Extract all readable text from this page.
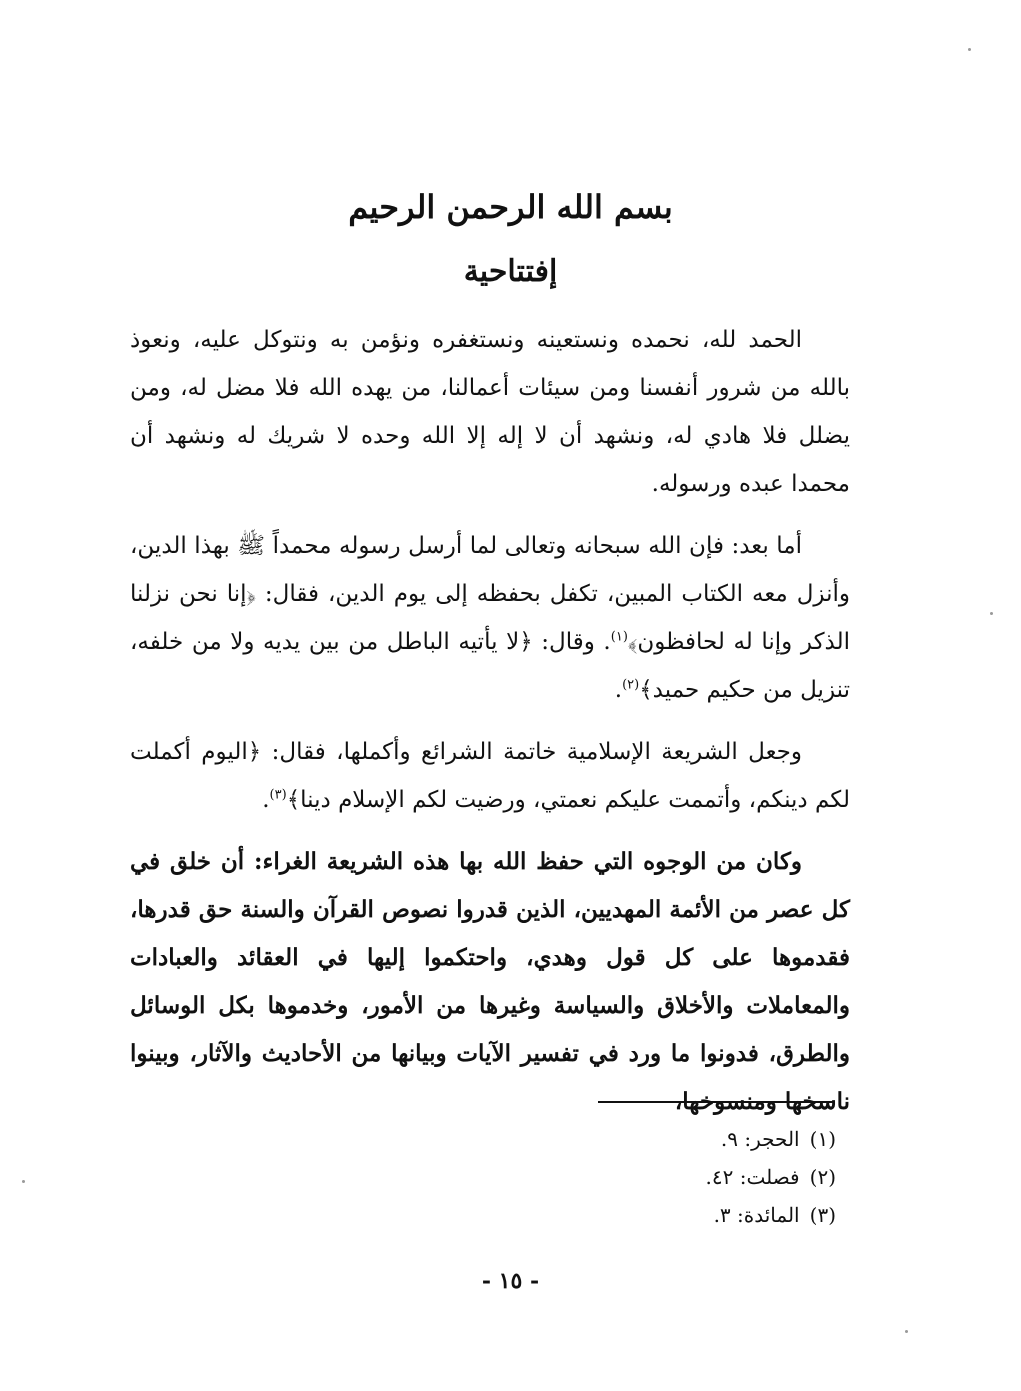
بسم الله الرحمن الرحيم
إفتتاحية

الحمد لله، نحمده ونستعينه ونستغفره ونؤمن به ونتوكل عليه، ونعوذ بالله من شرور أنفسنا ومن سيئات أعمالنا، من يهده الله فلا مضل له، ومن يضلل فلا هادي له، ونشهد أن لا إله إلا الله وحده لا شريك له ونشهد أن محمدا عبده ورسوله.

أما بعد: فإن الله سبحانه وتعالى لما أرسل رسوله محمداً ﷺ بهذا الدين، وأنزل معه الكتاب المبين، تكفل بحفظه إلى يوم الدين، فقال: ﴿إنا نحن نزلنا الذكر وإنا له لحافظون﴾$^{(١)}$. وقال: ﴿لا يأتيه الباطل من بين يديه ولا من خلفه، تنزيل من حكيم حميد﴾$^{(٢)}$.

وجعل الشريعة الإسلامية خاتمة الشرائع وأكملها، فقال: ﴿اليوم أكملت لكم دينكم، وأتممت عليكم نعمتي، ورضيت لكم الإسلام دينا﴾$^{(٣)}$.

وكان من الوجوه التي حفظ الله بها هذه الشريعة الغراء: أن خلق في كل عصر من الأئمة المهديين، الذين قدروا نصوص القرآن والسنة حق قدرها، فقدموها على كل قول وهدي، واحتكموا إليها في العقائد والعبادات والمعاملات والأخلاق والسياسة وغيرها من الأمور، وخدموها بكل الوسائل والطرق، فدونوا ما ورد في تفسير الآيات وبيانها من الأحاديث والآثار، وبينوا ناسخها ومنسوخها،

(١)الحجر: ٩.
(٢)فصلت: ٤٢.
(٣)المائدة: ٣.
- ١٥ -
